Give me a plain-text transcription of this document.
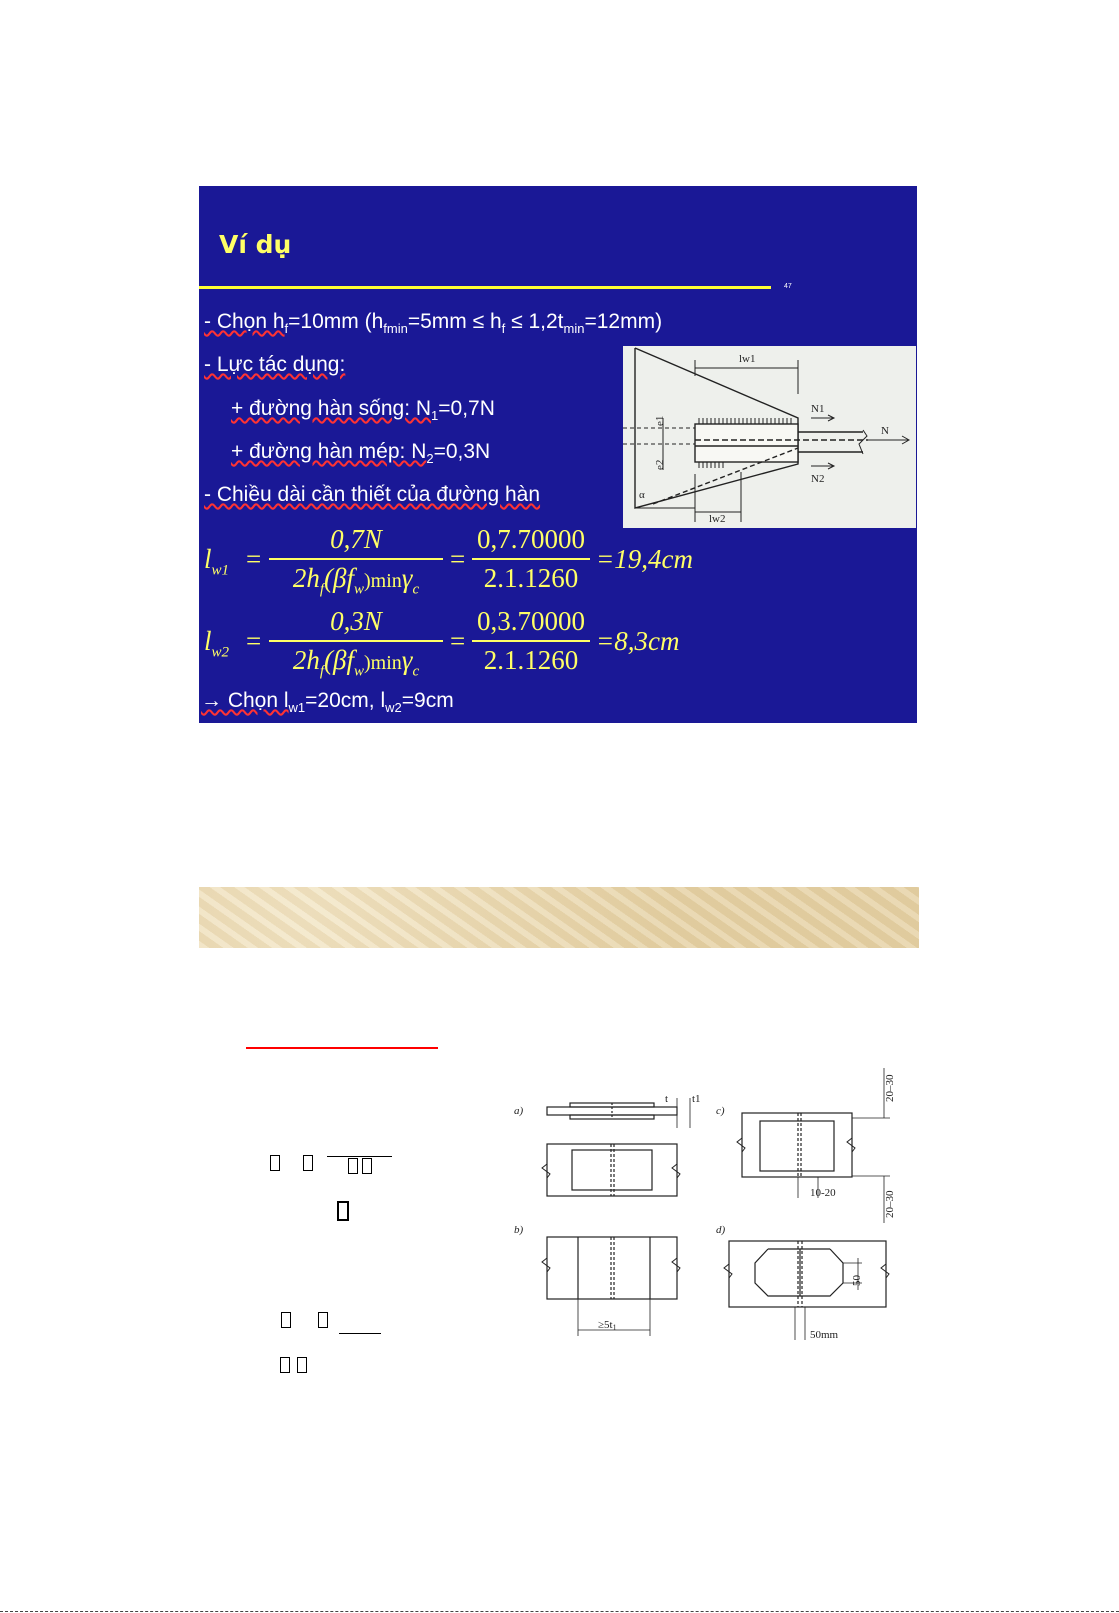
Ví dụ
47
- Chọn $h_f=10mm$ $(h_{fmin}=5mm \le h_f \le 1,2t_{min}=12mm)$
- Lực tác dụng:
+ đường hàn sống: $N_1=0,7N$
+ đường hàn mép: $N_2=0,3N$
- Chiều dài cần thiết của đường hàn
$l_{w1}$ =
0,7N
$2h_f(\beta f_w)\min\gamma_c$
=
0,7.70000
2.1.1260
=19,4cm
$l_{w2}$ =
0,3N
$2h_f(\beta f_w)\min\gamma_c$
=
0,3.70000
2.1.1260
=8,3cm
→ Chọn $l_{w1}=20cm$, $l_{w2}=9cm$
lw1
lw2
N1
N2
N
e1
e2
α
a)
b)
c)
d)
t t1	20–30
20–30
10-20
50
50mm
≥5t1
